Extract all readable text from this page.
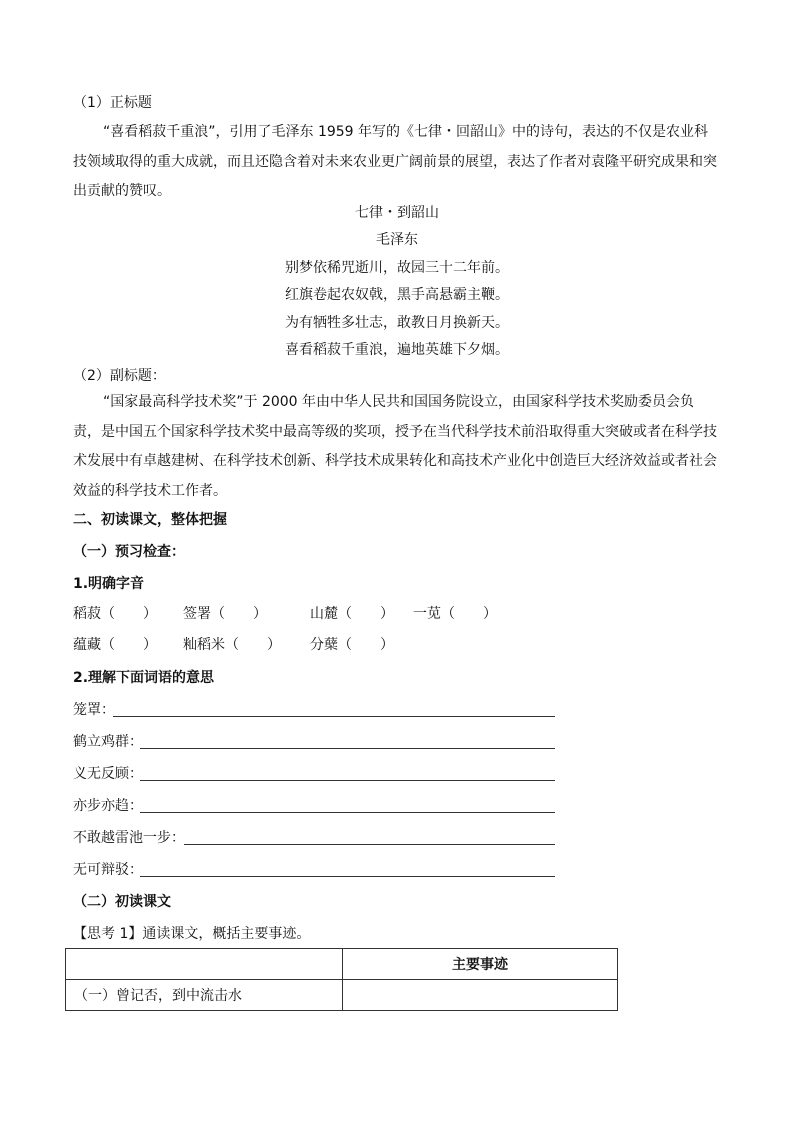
（1）正标题
“喜看稻菽千重浪”，引用了毛泽东 1959 年写的《七律・回韶山》中的诗句，表达的不仅是农业科技领域取得的重大成就，而且还隐含着对未来农业更广阔前景的展望，表达了作者对袁隆平研究成果和突出贡献的赞叹。
七律・到韶山
毛泽东
别梦依稀咒逝川，故园三十二年前。
红旗卷起农奴戟，黑手高悬霸主鞭。
为有牺牲多壮志，敢教日月换新天。
喜看稻菽千重浪，遍地英雄下夕烟。
（2）副标题：
“国家最高科学技术奖”于 2000 年由中华人民共和国国务院设立，由国家科学技术奖励委员会负责，是中国五个国家科学技术奖中最高等级的奖项，授予在当代科学技术前沿取得重大突破或者在科学技术发展中有卓越建树、在科学技术创新、科学技术成果转化和高技术产业化中创造巨大经济效益或者社会效益的科学技术工作者。
二、初读课文，整体把握
（一）预习检查：
1.明确字音
稻菽（　　） 签署（　　）	山麓（　　） 一苋（　　）
蕴藏（　　） 籼稻米（　　） 分蘖（　　）
2.理解下面词语的意思
笼罩：
鹤立鸡群：
义无反顾：
亦步亦趋：
不敢越雷池一步：
无可辩驳：
（二）初读课文
【思考 1】通读课文，概括主要事迹。
	主要事迹
（一）曾记否，到中流击水	
